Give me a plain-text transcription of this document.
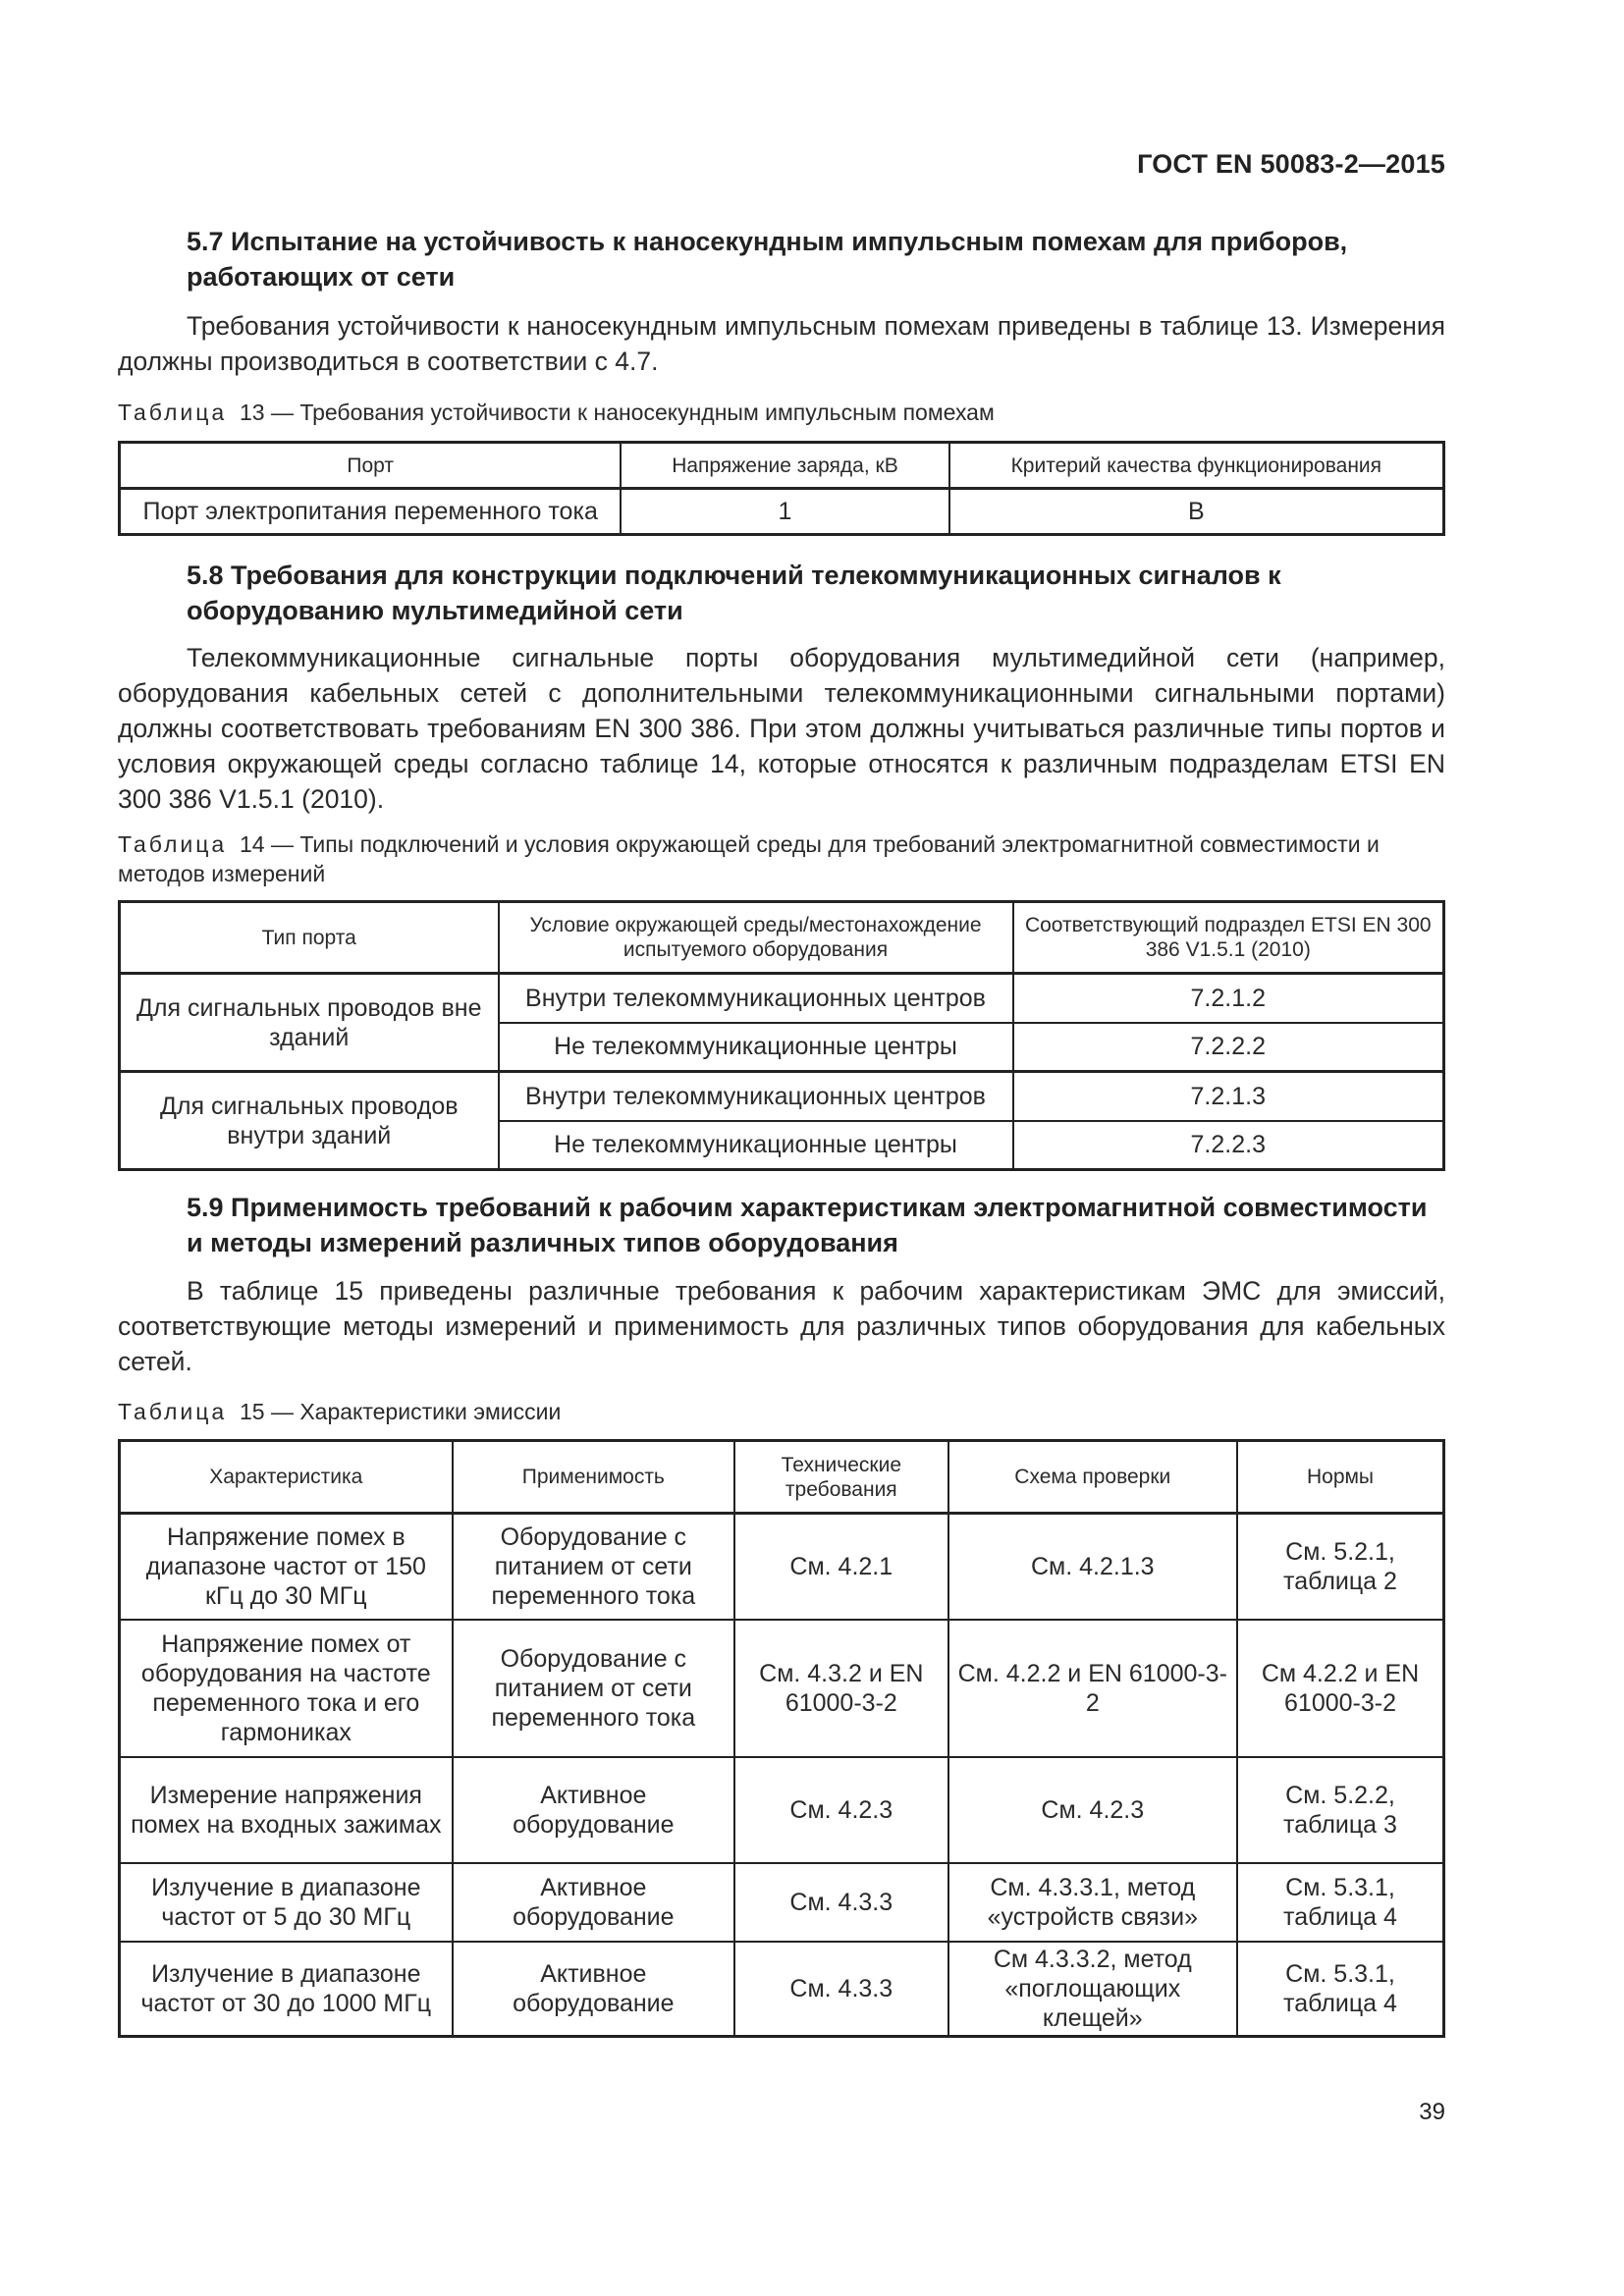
ГОСТ EN 50083-2—2015
5.7 Испытание на устойчивость к наносекундным импульсным помехам для приборов, работающих от сети
Требования устойчивости к наносекундным импульсным помехам приведены в таблице 13. Измерения должны производиться в соответствии с 4.7.
Таблица 13 — Требования устойчивости к наносекундным импульсным помехам
Порт	Напряжение заряда, кВ	Критерий качества функционирования
Порт электропитания переменного тока	1	B
5.8 Требования для конструкции подключений телекоммуникационных сигналов к оборудованию мультимедийной сети
Телекоммуникационные сигнальные порты оборудования мультимедийной сети (например, оборудования кабельных сетей с дополнительными телекоммуникационными сигнальными портами) должны соответствовать требованиям EN 300 386. При этом должны учитываться различные типы портов и условия окружающей среды согласно таблице 14, которые относятся к различным подразделам ETSI EN 300 386 V1.5.1 (2010).
Таблица 14 — Типы подключений и условия окружающей среды для требований электромагнитной совместимости и методов измерений
Тип порта	Условие окружающей среды/местонахождение испытуемого оборудования	Соответствующий подраздел ETSI EN 300 386 V1.5.1 (2010)
Для сигнальных проводов вне зданий	Внутри телекоммуникационных центров	7.2.1.2
	Не телекоммуникационные центры	7.2.2.2
Для сигнальных проводов внутри зданий	Внутри телекоммуникационных центров	7.2.1.3
	Не телекоммуникационные центры	7.2.2.3
5.9 Применимость требований к рабочим характеристикам электромагнитной совместимости и методы измерений различных типов оборудования
В таблице 15 приведены различные требования к рабочим характеристикам ЭМС для эмиссий, соответствующие методы измерений и применимость для различных типов оборудования для кабельных сетей.
Таблица 15 — Характеристики эмиссии
Характеристика	Применимость	Технические требования	Схема проверки	Нормы
Напряжение помех в диапазоне частот от 150 кГц до 30 МГц	Оборудование с питанием от сети переменного тока	См. 4.2.1	См. 4.2.1.3	См. 5.2.1, таблица 2
Напряжение помех от оборудования на частоте переменного тока и его гармониках	Оборудование с питанием от сети переменного тока	См. 4.3.2 и EN 61000-3-2	См. 4.2.2 и EN 61000-3-2	См 4.2.2 и EN 61000-3-2
Измерение напряжения помех на входных зажимах	Активное оборудование	См. 4.2.3	См. 4.2.3	См. 5.2.2, таблица 3
Излучение в диапазоне частот от 5 до 30 МГц	Активное оборудование	См. 4.3.3	См. 4.3.3.1, метод «устройств связи»	См. 5.3.1, таблица 4
Излучение в диапазоне частот от 30 до 1000 МГц	Активное оборудование	См. 4.3.3	См 4.3.3.2, метод «поглощающих клещей»	См. 5.3.1, таблица 4
39
